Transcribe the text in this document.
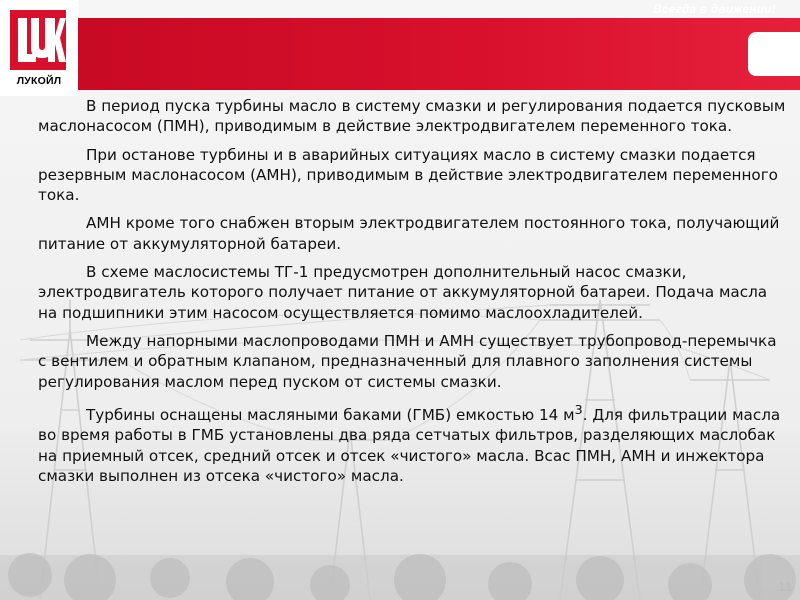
Всегда в движении!
ЛУКОЙЛ

В период пуска турбины масло в систему смазки и регулирования подается пусковым маслонасосом (ПМН), приводимым в действие электродвигателем переменного тока.

При останове турбины и в аварийных ситуациях масло в систему смазки подается резервным маслонасосом (АМН), приводимым в действие электродвигателем переменного тока.

АМН кроме того снабжен вторым электродвигателем постоянного тока, получающий питание от аккумуляторной батареи.

В схеме маслосистемы ТГ-1 предусмотрен дополнительный насос смазки, электродвигатель которого получает питание от аккумуляторной батареи. Подача масла на подшипники этим насосом осуществляется помимо маслоохладителей.

Между напорными маслопроводами ПМН и АМН существует трубопровод-перемычка с вентилем и обратным клапаном, предназначенный для плавного заполнения системы регулирования маслом перед пуском от системы смазки.

Турбины оснащены масляными баками (ГМБ) емкостью 14 $м^3$. Для фильтрации масла во время работы в ГМБ установлены два ряда сетчатых фильтров, разделяющих маслобак на приемный отсек, средний отсек и отсек «чистого» масла. Всас ПМН, АМН и инжектора смазки выполнен из отсека «чистого» масла.

11
